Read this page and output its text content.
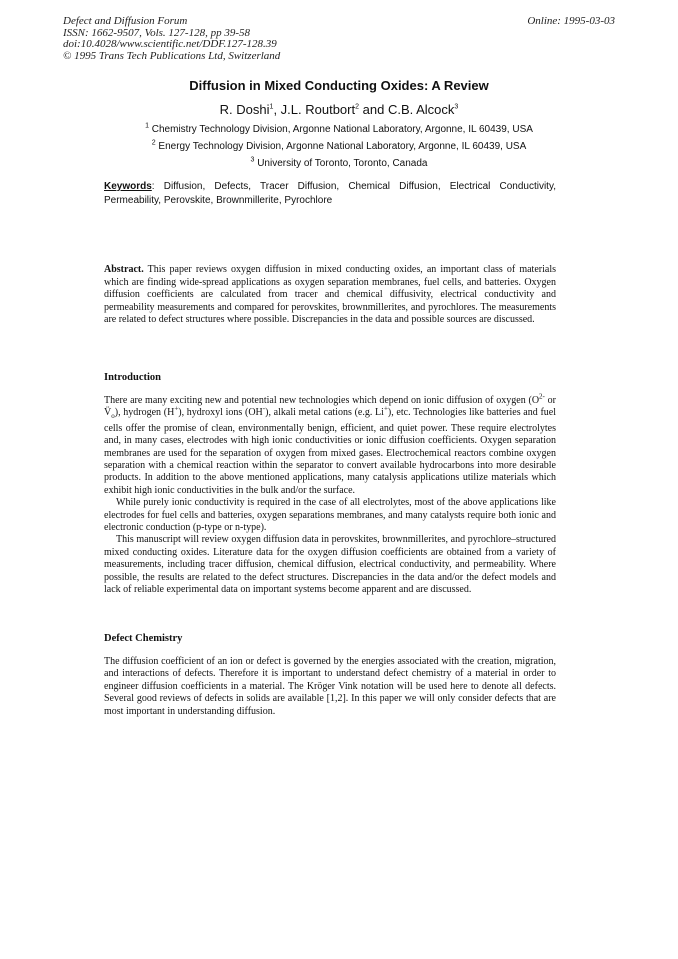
Defect and Diffusion Forum
ISSN: 1662-9507, Vols. 127-128, pp 39-58
doi:10.4028/www.scientific.net/DDF.127-128.39
© 1995 Trans Tech Publications Ltd, Switzerland
Online: 1995-03-03
Diffusion in Mixed Conducting Oxides: A Review
R. Doshi$^1$, J.L. Routbort$^2$ and C.B. Alcock$^3$
$^1$ Chemistry Technology Division, Argonne National Laboratory, Argonne, IL 60439, USA
$^2$ Energy Technology Division, Argonne National Laboratory, Argonne, IL 60439, USA
$^3$ University of Toronto, Toronto, Canada
Keywords: Diffusion, Defects, Tracer Diffusion, Chemical Diffusion, Electrical Conductivity, Permeability, Perovskite, Brownmillerite, Pyrochlore
Abstract. This paper reviews oxygen diffusion in mixed conducting oxides, an important class of materials which are finding wide-spread applications as oxygen separation membranes, fuel cells, and batteries. Oxygen diffusion coefficients are calculated from tracer and chemical diffusivity, electrical conductivity and permeability measurements and compared for perovskites, brownmillerites, and pyrochlores. The measurements are related to defect structures where possible. Discrepancies in the data and possible sources are discussed.
Introduction

There are many exciting new and potential new technologies which depend on ionic diffusion of oxygen ($O^{2-}$ or $V̈_o$), hydrogen (H+), hydroxyl ions (OH-), alkali metal cations (e.g. Li+), etc. Technologies like batteries and fuel cells offer the promise of clean, environmentally benign, efficient, and quiet power. These require electrolytes and, in many cases, electrodes with high ionic conductivities or ionic diffusion coefficients. Oxygen separation membranes are used for the separation of oxygen from mixed gases. Electrochemical reactors combine oxygen separation with a chemical reaction within the separator to convert available hydrocarbons into more desirable products. In addition to the above mentioned applications, many catalysis applications utilize materials which exhibit high ionic conductivities in the bulk and/or the surface.

While purely ionic conductivity is required in the case of all electrolytes, most of the above applications like electrodes for fuel cells and batteries, oxygen separations membranes, and many catalysts require both ionic and electronic conduction (p-type or n-type).

This manuscript will review oxygen diffusion data in perovskites, brownmillerites, and pyrochlore–structured mixed conducting oxides. Literature data for the oxygen diffusion coefficients are obtained from a variety of measurements, including tracer diffusion, chemical diffusion, electrical conductivity, and permeability. Where possible, the results are related to the defect structures. Discrepancies in the data and/or the defect models and lack of reliable experimental data on important systems become apparent and are discussed.

Defect Chemistry

The diffusion coefficient of an ion or defect is governed by the energies associated with the creation, migration, and interactions of defects. Therefore it is important to understand defect chemistry of a material in order to engineer diffusion coefficients in a material. The Kröger Vink notation will be used here to denote all defects. Several good reviews of defects in solids are available [1,2]. In this paper we will only consider defects that are most important in understanding diffusion.
